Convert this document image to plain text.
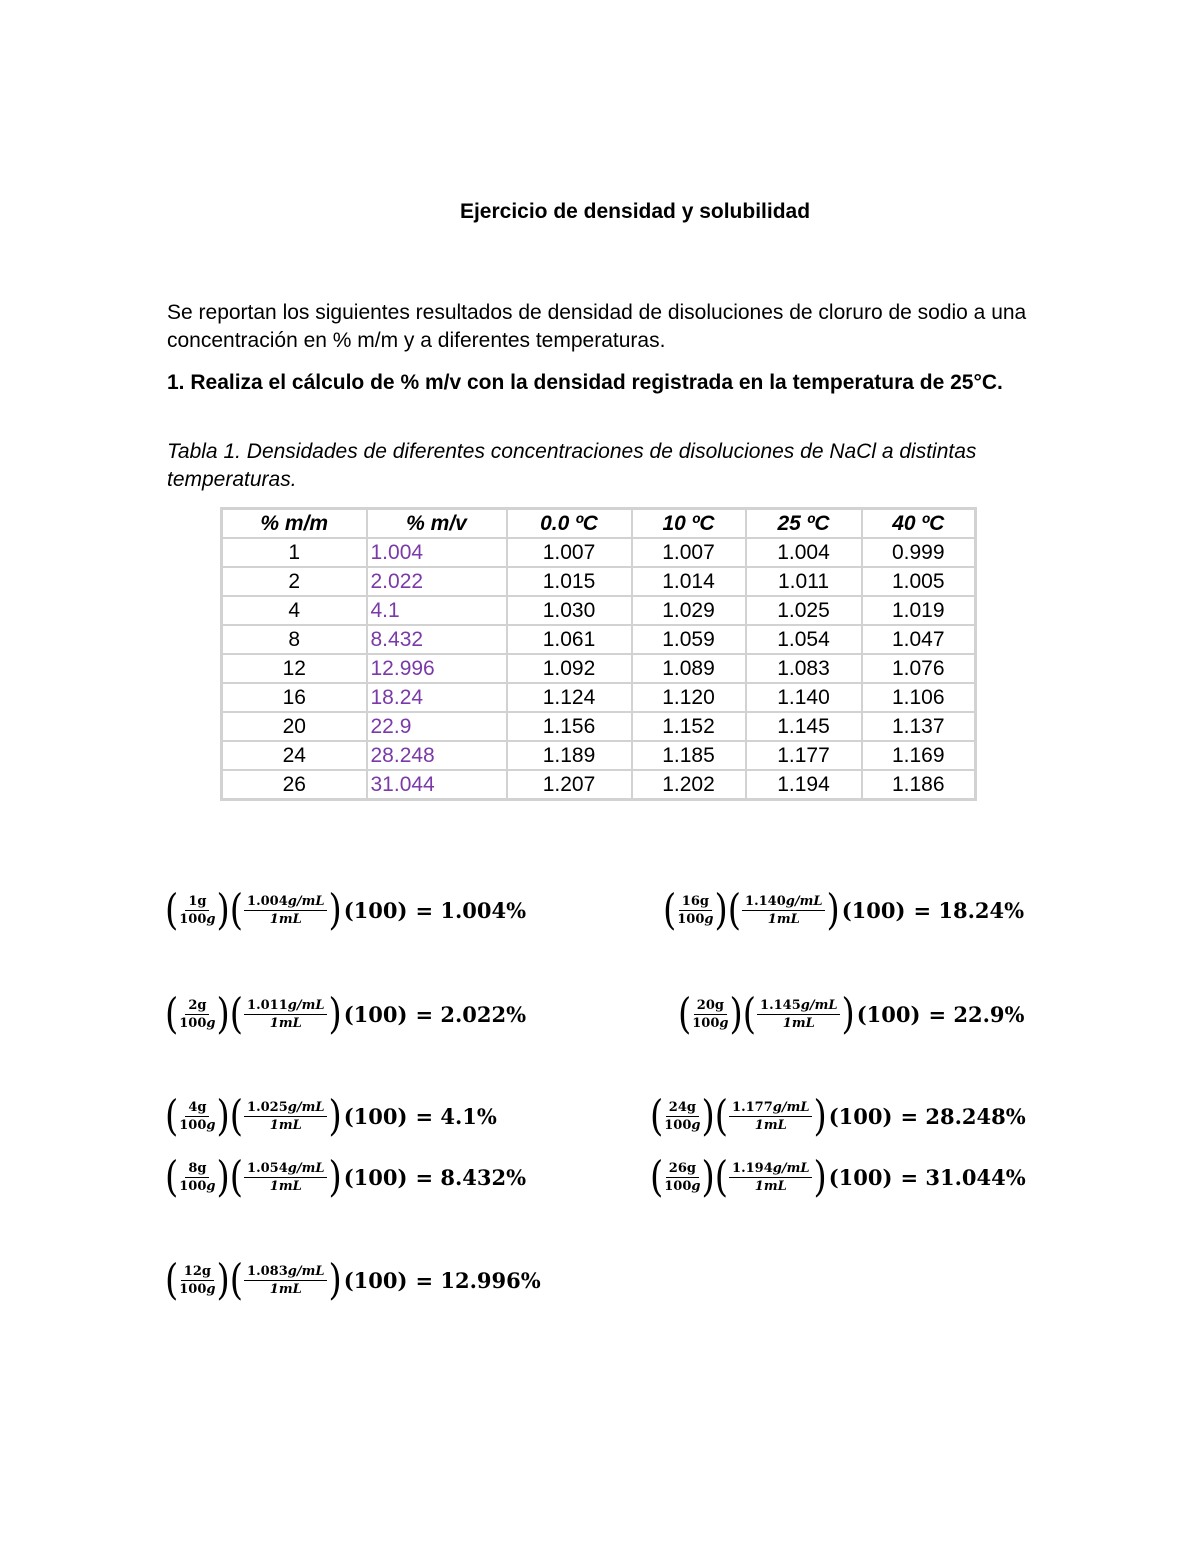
Ejercicio de densidad y solubilidad

Se reportan los siguientes resultados de densidad de disoluciones de cloruro de sodio a una concentración en % m/m y a diferentes temperaturas.

1. Realiza el cálculo de % m/v con la densidad registrada en la temperatura de 25°C.

Tabla 1. Densidades de diferentes concentraciones de disoluciones de NaCl a distintas temperaturas.

% m/m	% m/v	0.0 ºC	10 ºC	25 ºC	40 ºC
1	1.004	1.007	1.007	1.004	0.999
2	2.022	1.015	1.014	1.011	1.005
4	4.1	1.030	1.029	1.025	1.019
8	8.432	1.061	1.059	1.054	1.047
12	12.996	1.092	1.089	1.083	1.076
16	18.24	1.124	1.120	1.140	1.106
20	22.9	1.156	1.152	1.145	1.137
24	28.248	1.189	1.185	1.177	1.169
26	31.044	1.207	1.202	1.194	1.186
( $\frac{1g}{100g}$ ) ( $\frac{1.004g/mL}{1mL}$ ) (100) = 1.004%
( $\frac{2g}{100g}$ ) ( $\frac{1.011g/mL}{1mL}$ ) (100) = 2.022%
( $\frac{4g}{100g}$ ) ( $\frac{1.025g/mL}{1mL}$ ) (100) = 4.1%
( $\frac{8g}{100g}$ ) ( $\frac{1.054g/mL}{1mL}$ ) (100) = 8.432%
( $\frac{12g}{100g}$ ) ( $\frac{1.083g/mL}{1mL}$ ) (100) = 12.996%
( $\frac{16g}{100g}$ ) ( $\frac{1.140g/mL}{1mL}$ ) (100) = 18.24%
( $\frac{20g}{100g}$ ) ( $\frac{1.145g/mL}{1mL}$ ) (100) = 22.9%
( $\frac{24g}{100g}$ ) ( $\frac{1.177g/mL}{1mL}$ ) (100) = 28.248%
( $\frac{26g}{100g}$ ) ( $\frac{1.194g/mL}{1mL}$ ) (100) = 31.044%
